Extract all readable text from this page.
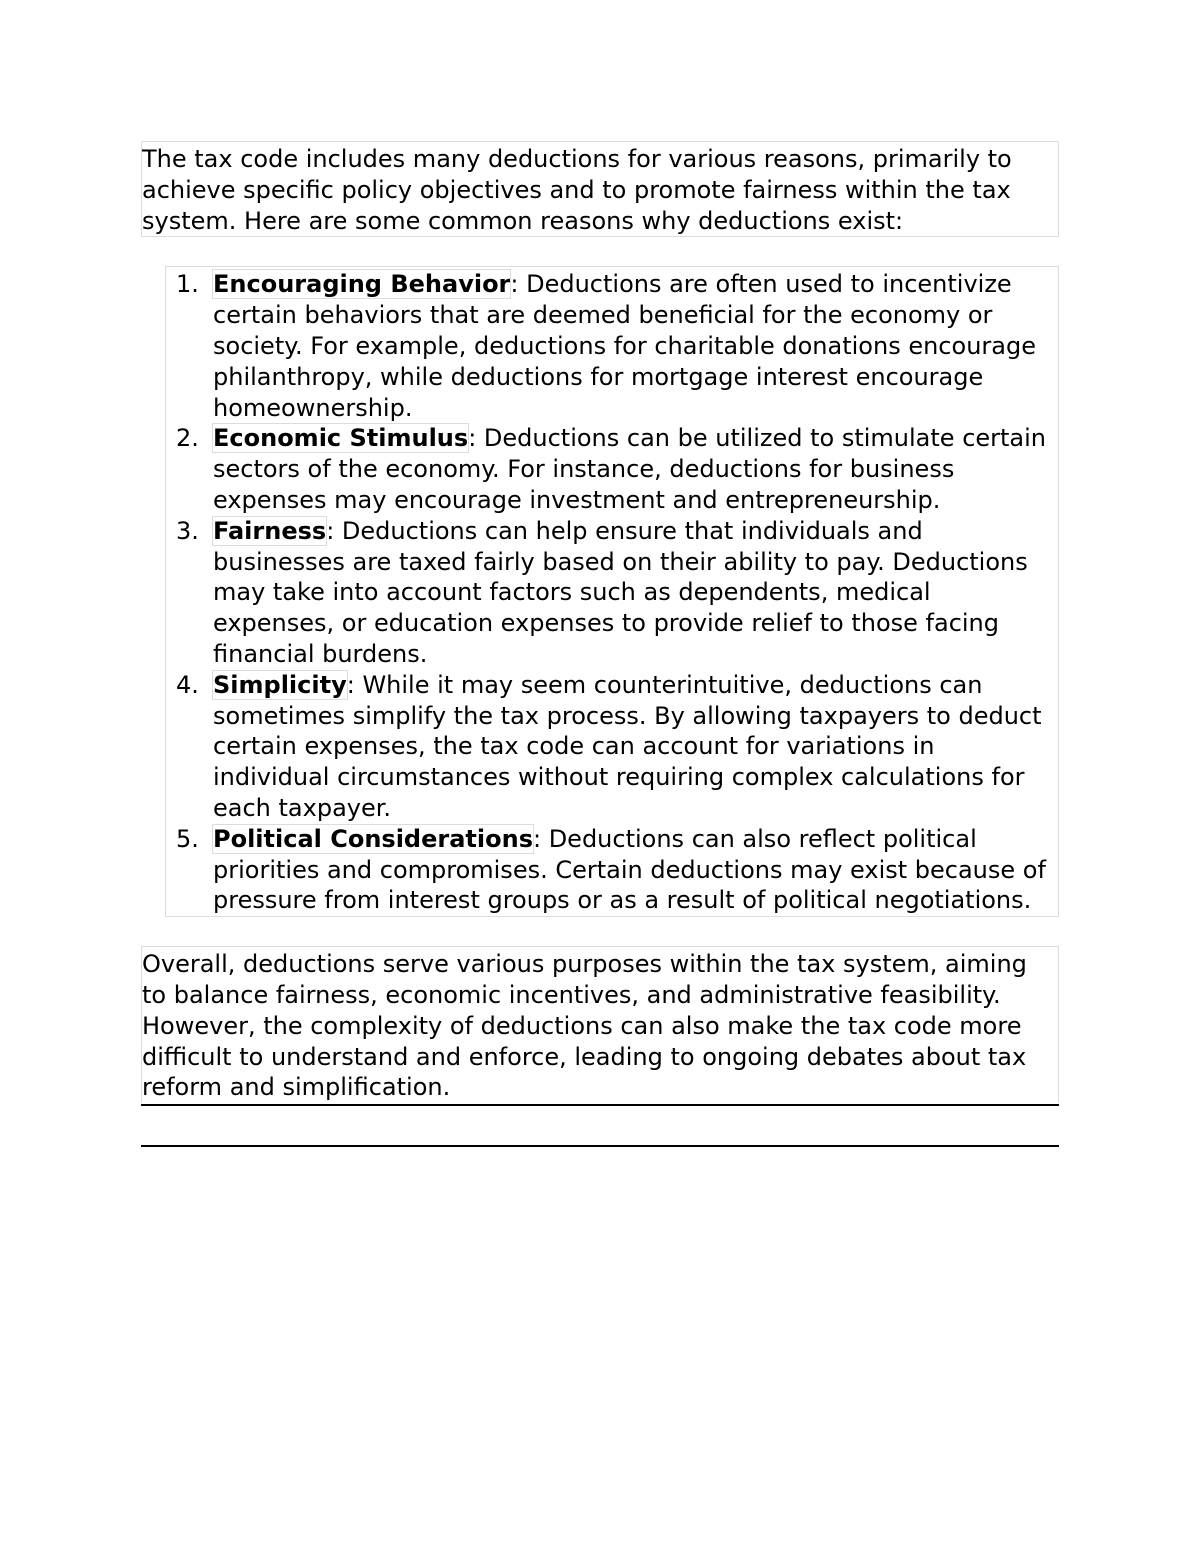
The tax code includes many deductions for various reasons, primarily to achieve specific policy objectives and to promote fairness within the tax system. Here are some common reasons why deductions exist:
1. Encouraging Behavior: Deductions are often used to incentivize certain behaviors that are deemed beneficial for the economy or society. For example, deductions for charitable donations encourage philanthropy, while deductions for mortgage interest encourage homeownership.
2. Economic Stimulus: Deductions can be utilized to stimulate certain sectors of the economy. For instance, deductions for business expenses may encourage investment and entrepreneurship.
3. Fairness: Deductions can help ensure that individuals and businesses are taxed fairly based on their ability to pay. Deductions may take into account factors such as dependents, medical expenses, or education expenses to provide relief to those facing financial burdens.
4. Simplicity: While it may seem counterintuitive, deductions can sometimes simplify the tax process. By allowing taxpayers to deduct certain expenses, the tax code can account for variations in individual circumstances without requiring complex calculations for each taxpayer.
5. Political Considerations: Deductions can also reflect political priorities and compromises. Certain deductions may exist because of pressure from interest groups or as a result of political negotiations.
Overall, deductions serve various purposes within the tax system, aiming to balance fairness, economic incentives, and administrative feasibility. However, the complexity of deductions can also make the tax code more difficult to understand and enforce, leading to ongoing debates about tax reform and simplification.
